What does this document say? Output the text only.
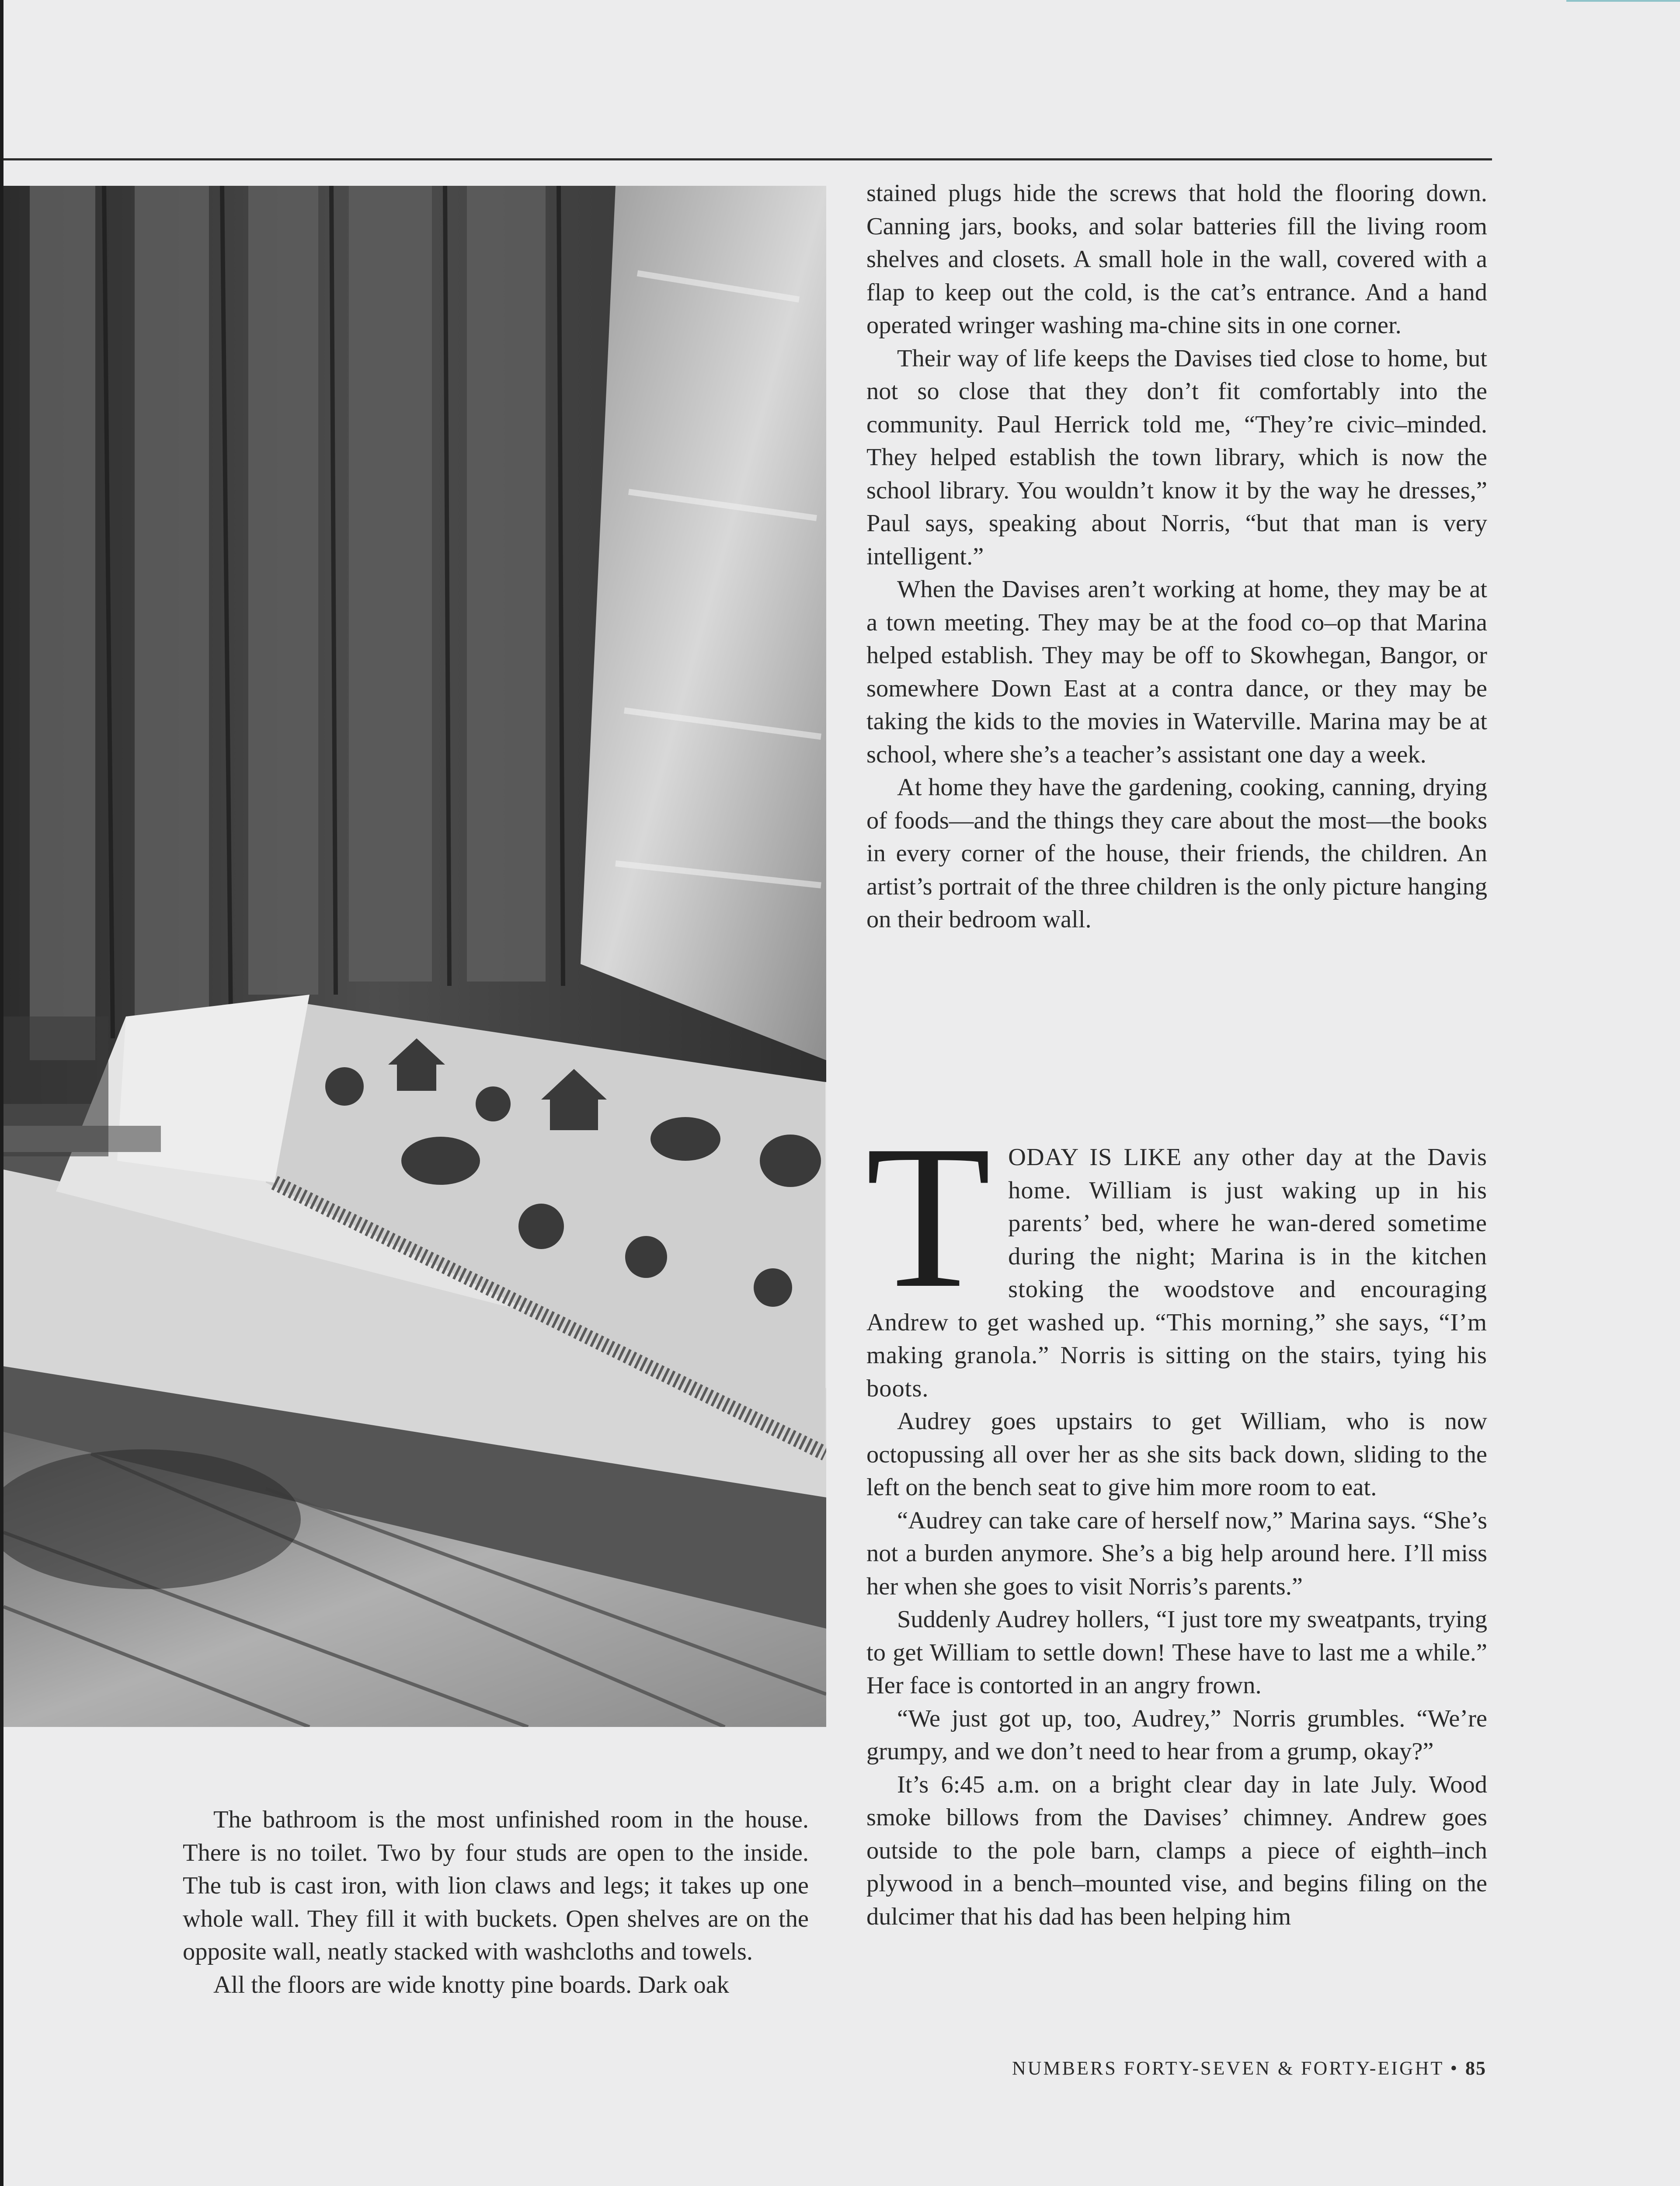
stained plugs hide the screws that hold the flooring down. Canning jars, books, and solar batteries fill the living room shelves and closets. A small hole in the wall, covered with a flap to keep out the cold, is the cat’s entrance. And a hand operated wringer washing ma-chine sits in one corner.

Their way of life keeps the Davises tied close to home, but not so close that they don’t fit comfortably into the community. Paul Herrick told me, “They’re civic–minded. They helped establish the town library, which is now the school library. You wouldn’t know it by the way he dresses,” Paul says, speaking about Norris, “but that man is very intelligent.”

When the Davises aren’t working at home, they may be at a town meeting. They may be at the food co–op that Marina helped establish. They may be off to Skowhegan, Bangor, or somewhere Down East at a contra dance, or they may be taking the kids to the movies in Waterville. Marina may be at school, where she’s a teacher’s assistant one day a week.

At home they have the gardening, cooking, canning, drying of foods—and the things they care about the most—the books in every corner of the house, their friends, the children. An artist’s portrait of the three children is the only picture hanging on their bedroom wall.

T ODAY IS LIKE any other day at the Davis home. William is just waking up in his parents’ bed, where he wan-dered sometime during the night; Marina is in the kitchen stoking the woodstove and encouraging Andrew to get washed up. “This morning,” she says, “I’m making granola.” Norris is sitting on the stairs, tying his boots.

Audrey goes upstairs to get William, who is now octopussing all over her as she sits back down, sliding to the left on the bench seat to give him more room to eat.

“Audrey can take care of herself now,” Marina says. “She’s not a burden anymore. She’s a big help around here. I’ll miss her when she goes to visit Norris’s parents.”

Suddenly Audrey hollers, “I just tore my sweatpants, trying to get William to settle down! These have to last me a while.” Her face is contorted in an angry frown.

“We just got up, too, Audrey,” Norris grumbles. “We’re grumpy, and we don’t need to hear from a grump, okay?”

It’s 6:45 a.m. on a bright clear day in late July. Wood smoke billows from the Davises’ chimney. Andrew goes outside to the pole barn, clamps a piece of eighth–inch plywood in a bench–mounted vise, and begins filing on the dulcimer that his dad has been helping him

The bathroom is the most unfinished room in the house. There is no toilet. Two by four studs are open to the inside. The tub is cast iron, with lion claws and legs; it takes up one whole wall. They fill it with buckets. Open shelves are on the opposite wall, neatly stacked with washcloths and towels.

All the floors are wide knotty pine boards. Dark oak

NUMBERS FORTY-SEVEN & FORTY-EIGHT • 85
